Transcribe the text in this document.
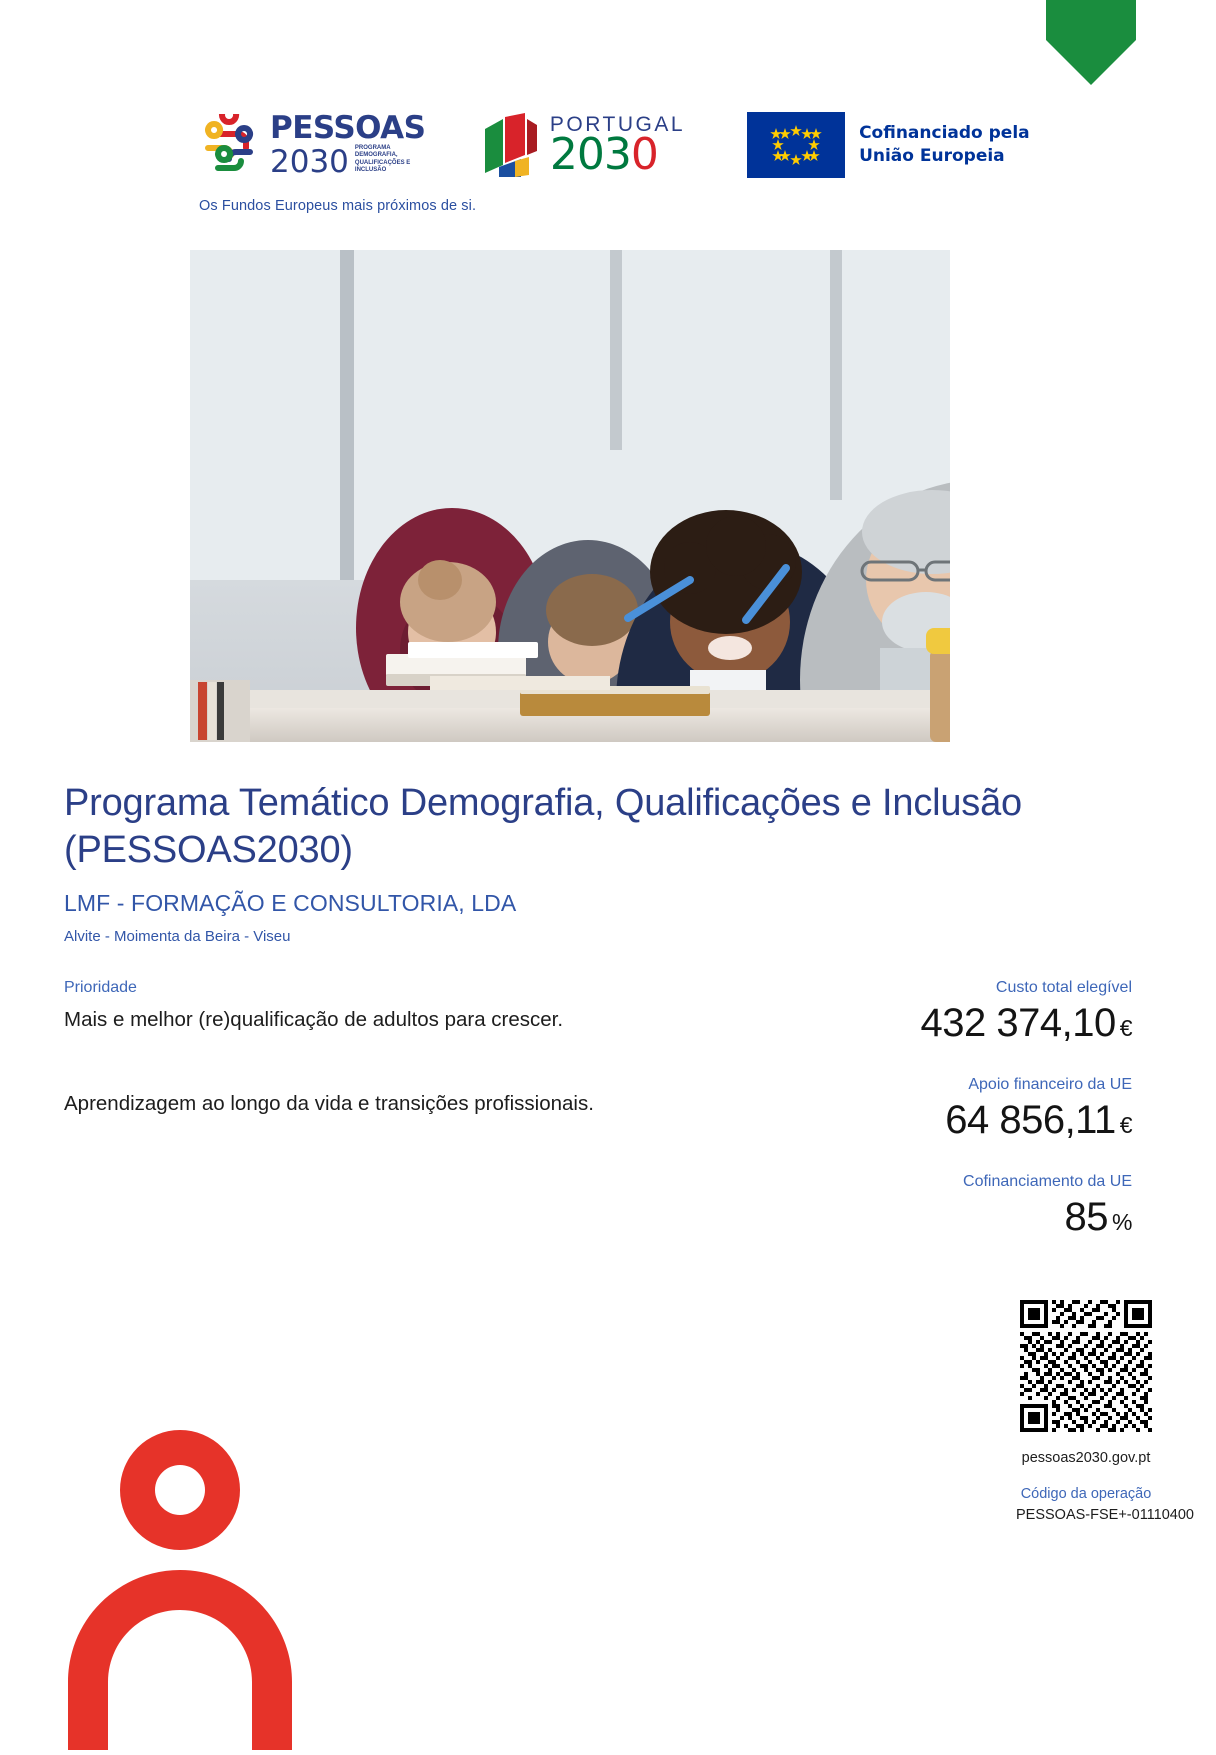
PESSOAS
2030 PROGRAMA DEMOGRAFIA, QUALIFICAÇÕES E INCLUSÃO
PORTUGAL
2030	Cofinanciado pela
União Europeia
Os Fundos Europeus mais próximos de si.
Programa Temático Demografia, Qualificações e Inclusão (PESSOAS2030)
LMF - FORMAÇÃO E CONSULTORIA, LDA
Alvite - Moimenta da Beira - Viseu
Prioridade
Mais e melhor (re)qualificação de adultos para crescer.
Aprendizagem ao longo da vida e transições profissionais.
Custo total elegível
432 374,10 €
Apoio financeiro da UE
64 856,11 €
Cofinanciamento da UE
85 %
pessoas2030.gov.pt
Código da operação
PESSOAS-FSE+-01110400
